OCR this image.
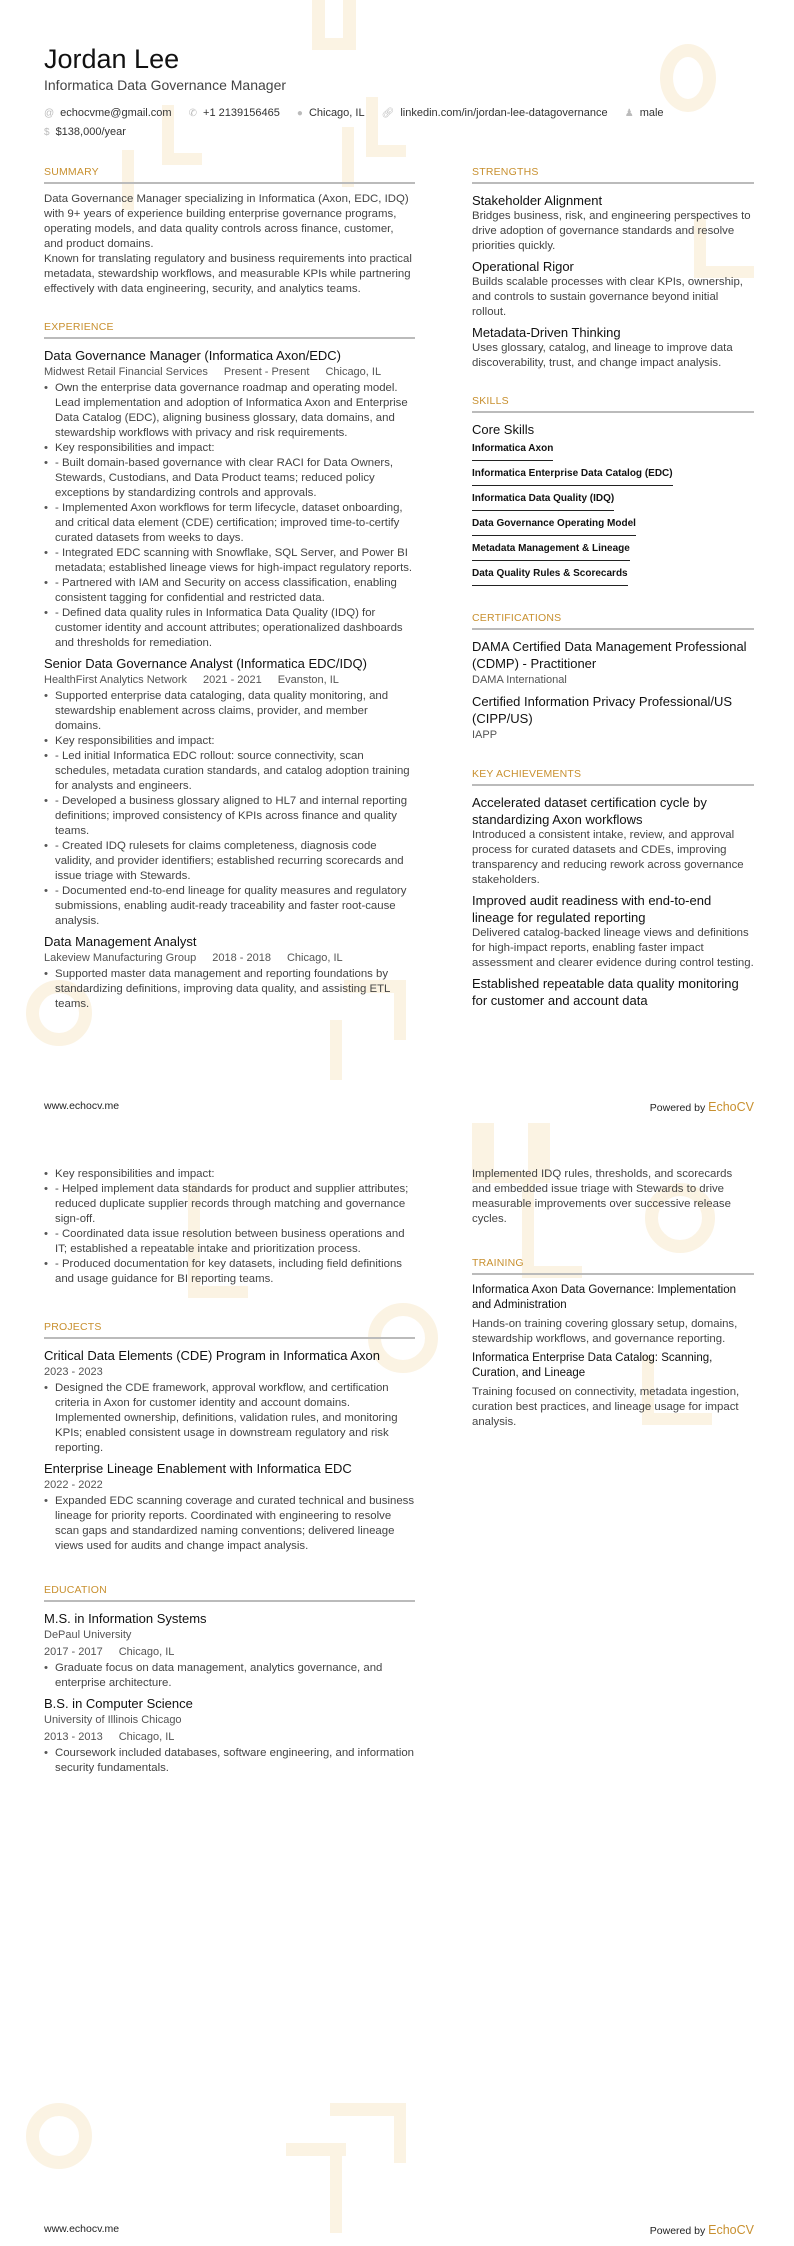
Jordan Lee
Informatica Data Governance Manager
@ echocvme@gmail.com ✆ +1 2139156465 ● Chicago, IL 🔗︎ linkedin.com/in/jordan-lee-datagovernance ♟ male
$ $138,000/year
SUMMARY

Data Governance Manager specializing in Informatica (Axon, EDC, IDQ) with 9+ years of experience building enterprise governance programs, operating models, and data quality controls across finance, customer, and product domains.

Known for translating regulatory and business requirements into practical metadata, stewardship workflows, and measurable KPIs while partnering effectively with data engineering, security, and analytics teams.

EXPERIENCE
Data Governance Manager (Informatica Axon/EDC)
Midwest Retail Financial Services Present - Present Chicago, IL
• Own the enterprise data governance roadmap and operating model. Lead implementation and adoption of Informatica Axon and Enterprise Data Catalog (EDC), aligning business glossary, data domains, and stewardship workflows with privacy and risk requirements.
• Key responsibilities and impact:
• - Built domain-based governance with clear RACI for Data Owners, Stewards, Custodians, and Data Product teams; reduced policy exceptions by standardizing controls and approvals.
• - Implemented Axon workflows for term lifecycle, dataset onboarding, and critical data element (CDE) certification; improved time-to-certify curated datasets from weeks to days.
• - Integrated EDC scanning with Snowflake, SQL Server, and Power BI metadata; established lineage views for high-impact regulatory reports.
• - Partnered with IAM and Security on access classification, enabling consistent tagging for confidential and restricted data.
• - Defined data quality rules in Informatica Data Quality (IDQ) for customer identity and account attributes; operationalized dashboards and thresholds for remediation.
Senior Data Governance Analyst (Informatica EDC/IDQ)
HealthFirst Analytics Network 2021 - 2021 Evanston, IL
• Supported enterprise data cataloging, data quality monitoring, and stewardship enablement across claims, provider, and member domains.
• Key responsibilities and impact:
• - Led initial Informatica EDC rollout: source connectivity, scan schedules, metadata curation standards, and catalog adoption training for analysts and engineers.
• - Developed a business glossary aligned to HL7 and internal reporting definitions; improved consistency of KPIs across finance and quality teams.
• - Created IDQ rulesets for claims completeness, diagnosis code validity, and provider identifiers; established recurring scorecards and issue triage with Stewards.
• - Documented end-to-end lineage for quality measures and regulatory submissions, enabling audit-ready traceability and faster root-cause analysis.
Data Management Analyst
Lakeview Manufacturing Group 2018 - 2018 Chicago, IL
• Supported master data management and reporting foundations by standardizing definitions, improving data quality, and assisting ETL teams.
STRENGTHS
Stakeholder Alignment

Bridges business, risk, and engineering perspectives to drive adoption of governance standards and resolve priorities quickly.

Operational Rigor

Builds scalable processes with clear KPIs, ownership, and controls to sustain governance beyond initial rollout.

Metadata-Driven Thinking

Uses glossary, catalog, and lineage to improve data discoverability, trust, and change impact analysis.

SKILLS
Core Skills
Informatica Axon
Informatica Enterprise Data Catalog (EDC)
Informatica Data Quality (IDQ)
Data Governance Operating Model
Metadata Management & Lineage
Data Quality Rules & Scorecards
CERTIFICATIONS
DAMA Certified Data Management Professional (CDMP) - Practitioner
DAMA International
Certified Information Privacy Professional/US (CIPP/US)
IAPP
KEY ACHIEVEMENTS
Accelerated dataset certification cycle by standardizing Axon workflows

Introduced a consistent intake, review, and approval process for curated datasets and CDEs, improving transparency and reducing rework across governance stakeholders.

Improved audit readiness with end-to-end lineage for regulated reporting

Delivered catalog-backed lineage views and definitions for high-impact reports, enabling faster impact assessment and clearer evidence during control testing.

Established repeatable data quality monitoring for customer and account data
www.echocv.me	Powered by EchoCV
• Key responsibilities and impact:
• - Helped implement data standards for product and supplier attributes; reduced duplicate supplier records through matching and governance sign-off.
• - Coordinated data issue resolution between business operations and IT; established a repeatable intake and prioritization process.
• - Produced documentation for key datasets, including field definitions and usage guidance for BI reporting teams.
PROJECTS
Critical Data Elements (CDE) Program in Informatica Axon
2023 - 2023
• Designed the CDE framework, approval workflow, and certification criteria in Axon for customer identity and account domains. Implemented ownership, definitions, validation rules, and monitoring KPIs; enabled consistent usage in downstream regulatory and risk reporting.
Enterprise Lineage Enablement with Informatica EDC
2022 - 2022
• Expanded EDC scanning coverage and curated technical and business lineage for priority reports. Coordinated with engineering to resolve scan gaps and standardized naming conventions; delivered lineage views used for audits and change impact analysis.
EDUCATION
M.S. in Information Systems
DePaul University
2017 - 2017 Chicago, IL
• Graduate focus on data management, analytics governance, and enterprise architecture.
B.S. in Computer Science
University of Illinois Chicago
2013 - 2013 Chicago, IL
• Coursework included databases, software engineering, and information security fundamentals.

Implemented IDQ rules, thresholds, and scorecards and embedded issue triage with Stewards to drive measurable improvements over successive release cycles.

TRAINING
Informatica Axon Data Governance: Implementation and Administration

Hands-on training covering glossary setup, domains, stewardship workflows, and governance reporting.

Informatica Enterprise Data Catalog: Scanning, Curation, and Lineage

Training focused on connectivity, metadata ingestion, curation best practices, and lineage usage for impact analysis.

www.echocv.me	Powered by EchoCV
